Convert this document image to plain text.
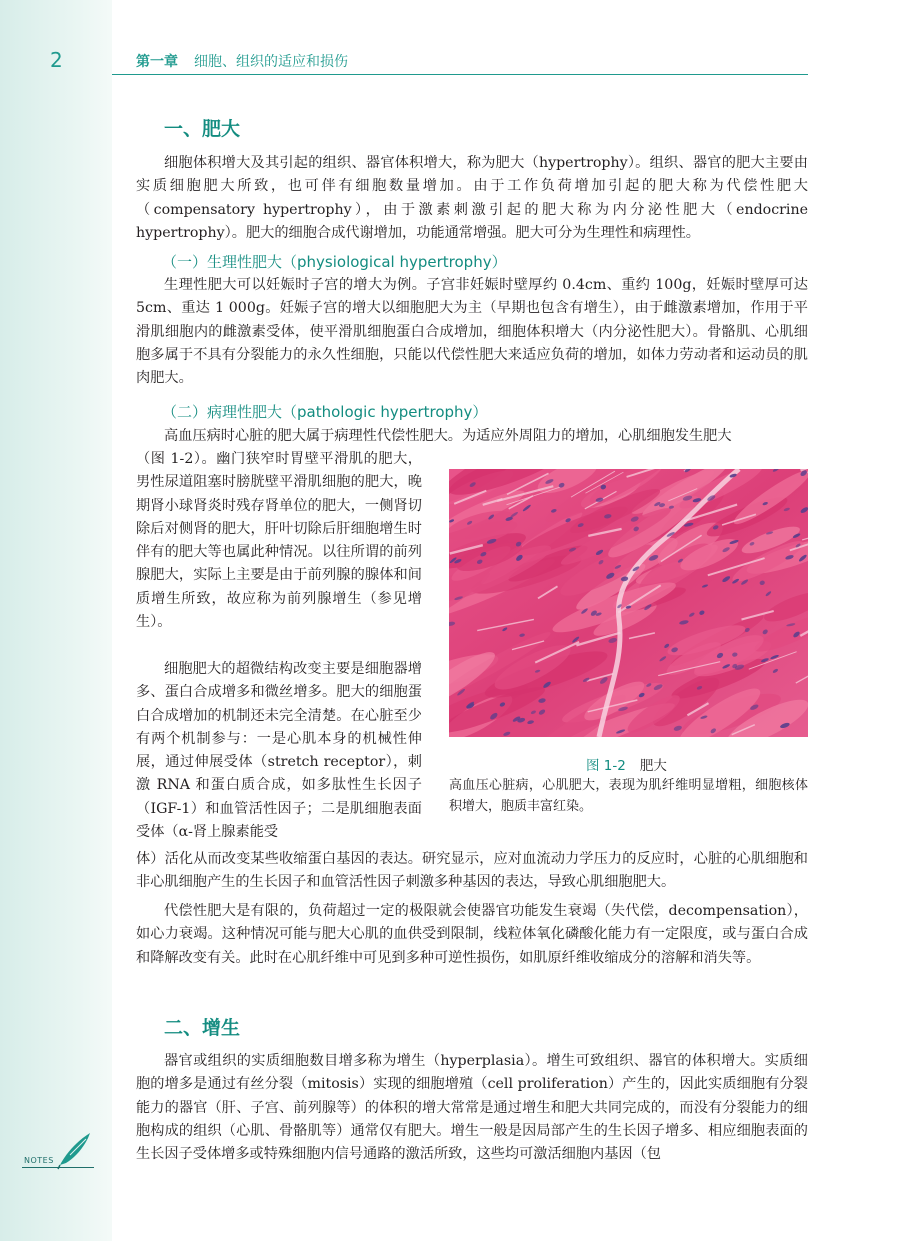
2	第一章 细胞、组织的适应和损伤
一、肥大

细胞体积增大及其引起的组织、器官体积增大，称为肥大（hypertrophy）。组织、器官的肥大主要由实质细胞肥大所致，也可伴有细胞数量增加。由于工作负荷增加引起的肥大称为代偿性肥大（compensatory hypertrophy），由于激素刺激引起的肥大称为内分泌性肥大（endocrine hypertrophy）。肥大的细胞合成代谢增加，功能通常增强。肥大可分为生理性和病理性。

（一）生理性肥大（physiological hypertrophy）

生理性肥大可以妊娠时子宫的增大为例。子宫非妊娠时壁厚约 0.4cm、重约 100g，妊娠时壁厚可达 5cm、重达 1 000g。妊娠子宫的增大以细胞肥大为主（早期也包含有增生），由于雌激素增加，作用于平滑肌细胞内的雌激素受体，使平滑肌细胞蛋白合成增加，细胞体积增大（内分泌性肥大）。骨骼肌、心肌细胞多属于不具有分裂能力的永久性细胞，只能以代偿性肥大来适应负荷的增加，如体力劳动者和运动员的肌肉肥大。

（二）病理性肥大（pathologic hypertrophy）

高血压病时心脏的肥大属于病理性代偿性肥大。为适应外周阻力的增加，心肌细胞发生肥大

（图 1-2）。幽门狭窄时胃壁平滑肌的肥大，男性尿道阻塞时膀胱壁平滑肌细胞的肥大，晚期肾小球肾炎时残存肾单位的肥大，一侧肾切除后对侧肾的肥大，肝叶切除后肝细胞增生时伴有的肥大等也属此种情况。以往所谓的前列腺肥大，实际上主要是由于前列腺的腺体和间质增生所致，故应称为前列腺增生（参见增生）。

细胞肥大的超微结构改变主要是细胞器增多、蛋白合成增多和微丝增多。肥大的细胞蛋白合成增加的机制还未完全清楚。在心脏至少有两个机制参与：一是心肌本身的机械性伸展，通过伸展受体（stretch receptor），刺激 RNA 和蛋白质合成，如多肽性生长因子（IGF-1）和血管活性因子；二是肌细胞表面受体（α-肾上腺素能受

体）活化从而改变某些收缩蛋白基因的表达。研究显示，应对血流动力学压力的反应时，心脏的心肌细胞和非心肌细胞产生的生长因子和血管活性因子刺激多种基因的表达，导致心肌细胞肥大。

代偿性肥大是有限的，负荷超过一定的极限就会使器官功能发生衰竭（失代偿，decompensation），如心力衰竭。这种情况可能与肥大心肌的血供受到限制，线粒体氧化磷酸化能力有一定限度，或与蛋白合成和降解改变有关。此时在心肌纤维中可见到多种可逆性损伤，如肌原纤维收缩成分的溶解和消失等。

二、增生

器官或组织的实质细胞数目增多称为增生（hyperplasia）。增生可致组织、器官的体积增大。实质细胞的增多是通过有丝分裂（mitosis）实现的细胞增殖（cell proliferation）产生的，因此实质细胞有分裂能力的器官（肝、子宫、前列腺等）的体积的增大常常是通过增生和肥大共同完成的，而没有分裂能力的细胞构成的组织（心肌、骨骼肌等）通常仅有肥大。增生一般是因局部产生的生长因子增多、相应细胞表面的生长因子受体增多或特殊细胞内信号通路的激活所致，这些均可激活细胞内基因（包

图 1-2 肥大

高血压心脏病，心肌肥大，表现为肌纤维明显增粗，细胞核体积增大，胞质丰富红染。

NOTES
